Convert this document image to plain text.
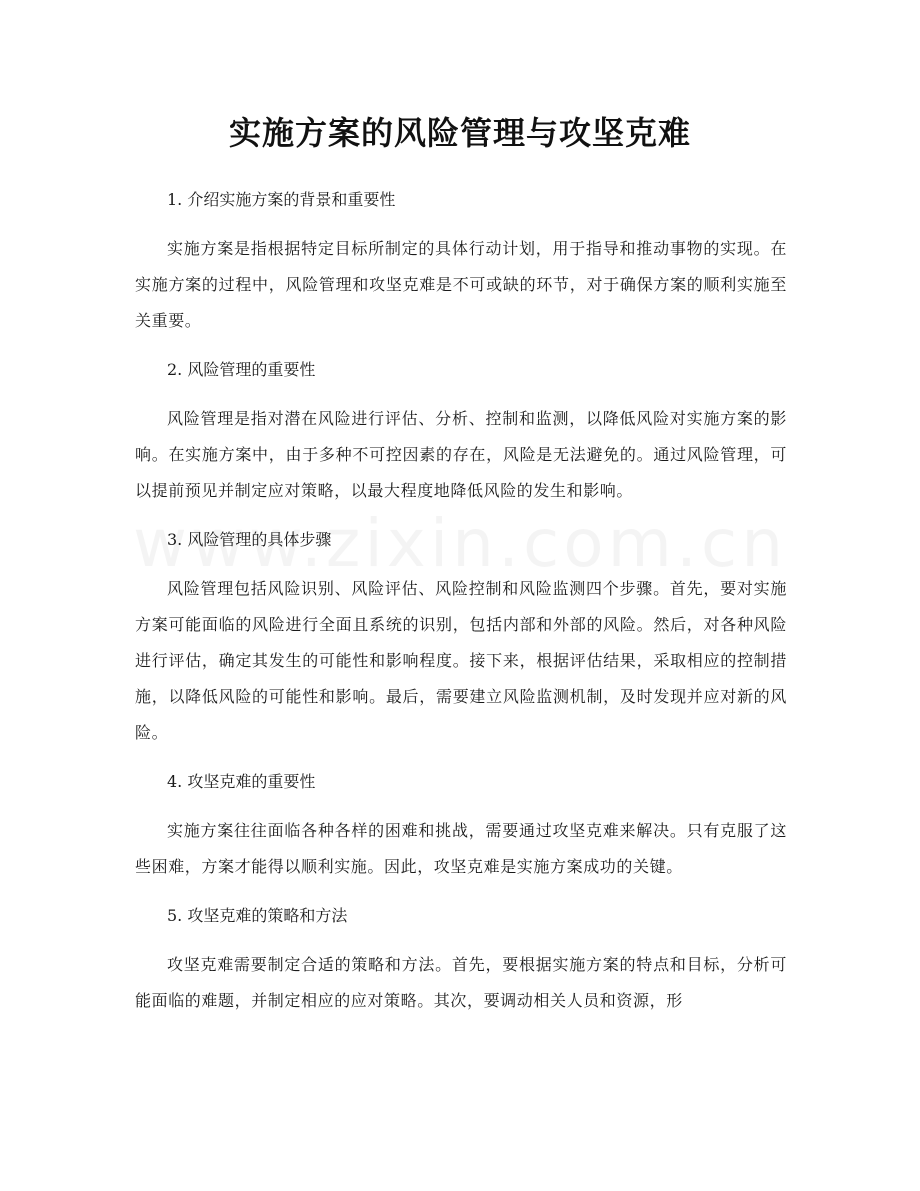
实施方案的风险管理与攻坚克难

1. 介绍实施方案的背景和重要性

实施方案是指根据特定目标所制定的具体行动计划，用于指导和推动事物的实现。在实施方案的过程中，风险管理和攻坚克难是不可或缺的环节，对于确保方案的顺利实施至关重要。

2. 风险管理的重要性

风险管理是指对潜在风险进行评估、分析、控制和监测，以降低风险对实施方案的影响。在实施方案中，由于多种不可控因素的存在，风险是无法避免的。通过风险管理，可以提前预见并制定应对策略，以最大程度地降低风险的发生和影响。

3. 风险管理的具体步骤

风险管理包括风险识别、风险评估、风险控制和风险监测四个步骤。首先，要对实施方案可能面临的风险进行全面且系统的识别，包括内部和外部的风险。然后，对各种风险进行评估，确定其发生的可能性和影响程度。接下来，根据评估结果，采取相应的控制措施，以降低风险的可能性和影响。最后，需要建立风险监测机制，及时发现并应对新的风险。

4. 攻坚克难的重要性

实施方案往往面临各种各样的困难和挑战，需要通过攻坚克难来解决。只有克服了这些困难，方案才能得以顺利实施。因此，攻坚克难是实施方案成功的关键。

5. 攻坚克难的策略和方法

攻坚克难需要制定合适的策略和方法。首先，要根据实施方案的特点和目标，分析可能面临的难题，并制定相应的应对策略。其次，要调动相关人员和资源，形
